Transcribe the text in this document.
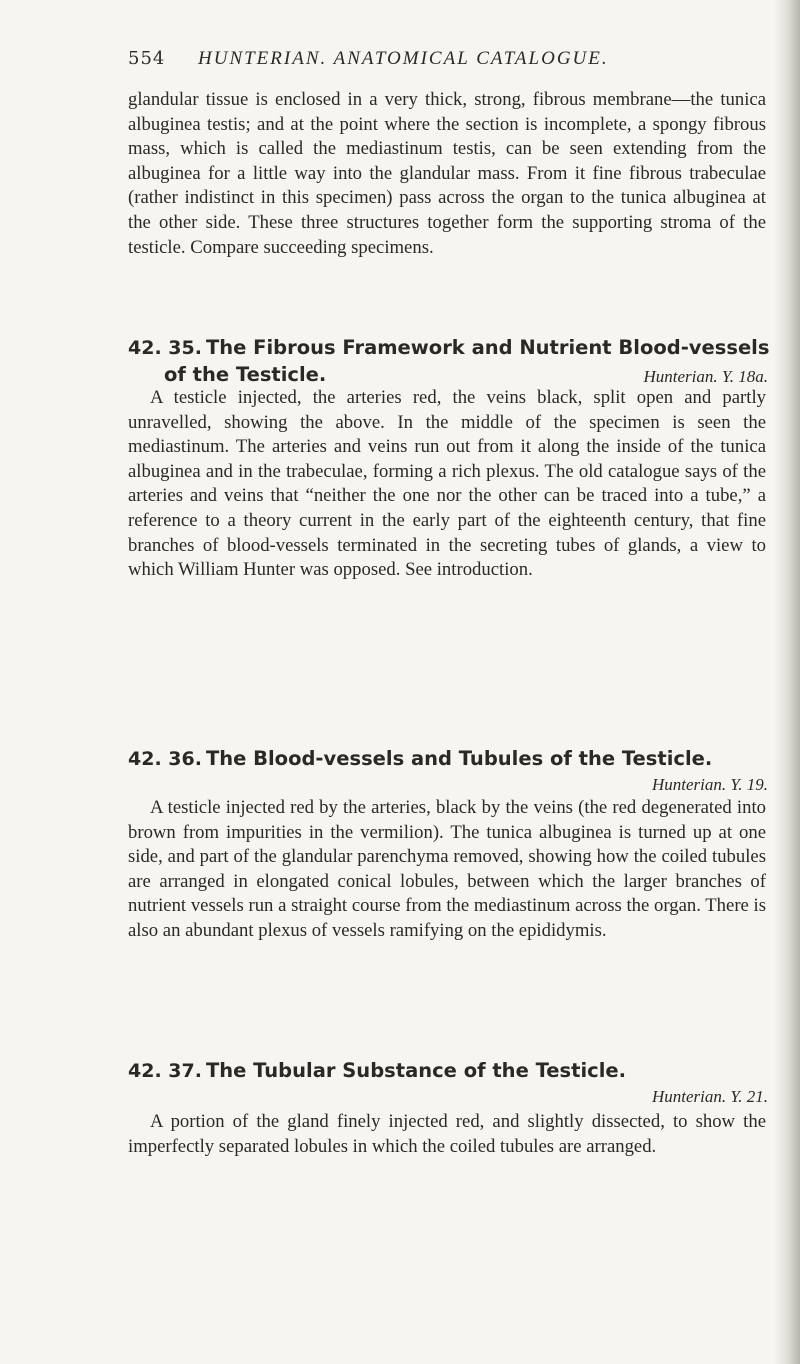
554 HUNTERIAN. ANATOMICAL CATALOGUE.

glandular tissue is enclosed in a very thick, strong, fibrous membrane—the tunica albuginea testis; and at the point where the section is incomplete, a spongy fibrous mass, which is called the mediastinum testis, can be seen extending from the albuginea for a little way into the glandular mass. From it fine fibrous trabeculae (rather indistinct in this specimen) pass across the organ to the tunica albuginea at the other side. These three structures together form the supporting stroma of the testicle. Compare succeeding specimens.

42. 35. The Fibrous Framework and Nutrient Blood-vessels
of the Testicle.	Hunterian. Y. 18a.

A testicle injected, the arteries red, the veins black, split open and partly unravelled, showing the above. In the middle of the specimen is seen the mediastinum. The arteries and veins run out from it along the inside of the tunica albuginea and in the trabeculae, forming a rich plexus. The old catalogue says of the arteries and veins that “neither the one nor the other can be traced into a tube,” a reference to a theory current in the early part of the eighteenth century, that fine branches of blood-vessels terminated in the secreting tubes of glands, a view to which William Hunter was opposed. See introduction.

42. 36. The Blood-vessels and Tubules of the Testicle.
Hunterian. Y. 19.

A testicle injected red by the arteries, black by the veins (the red degenerated into brown from impurities in the vermilion). The tunica albuginea is turned up at one side, and part of the glandular parenchyma removed, showing how the coiled tubules are arranged in elongated conical lobules, between which the larger branches of nutrient vessels run a straight course from the mediastinum across the organ. There is also an abundant plexus of vessels ramifying on the epididymis.

42. 37. The Tubular Substance of the Testicle.
Hunterian. Y. 21.

A portion of the gland finely injected red, and slightly dissected, to show the imperfectly separated lobules in which the coiled tubules are arranged.
